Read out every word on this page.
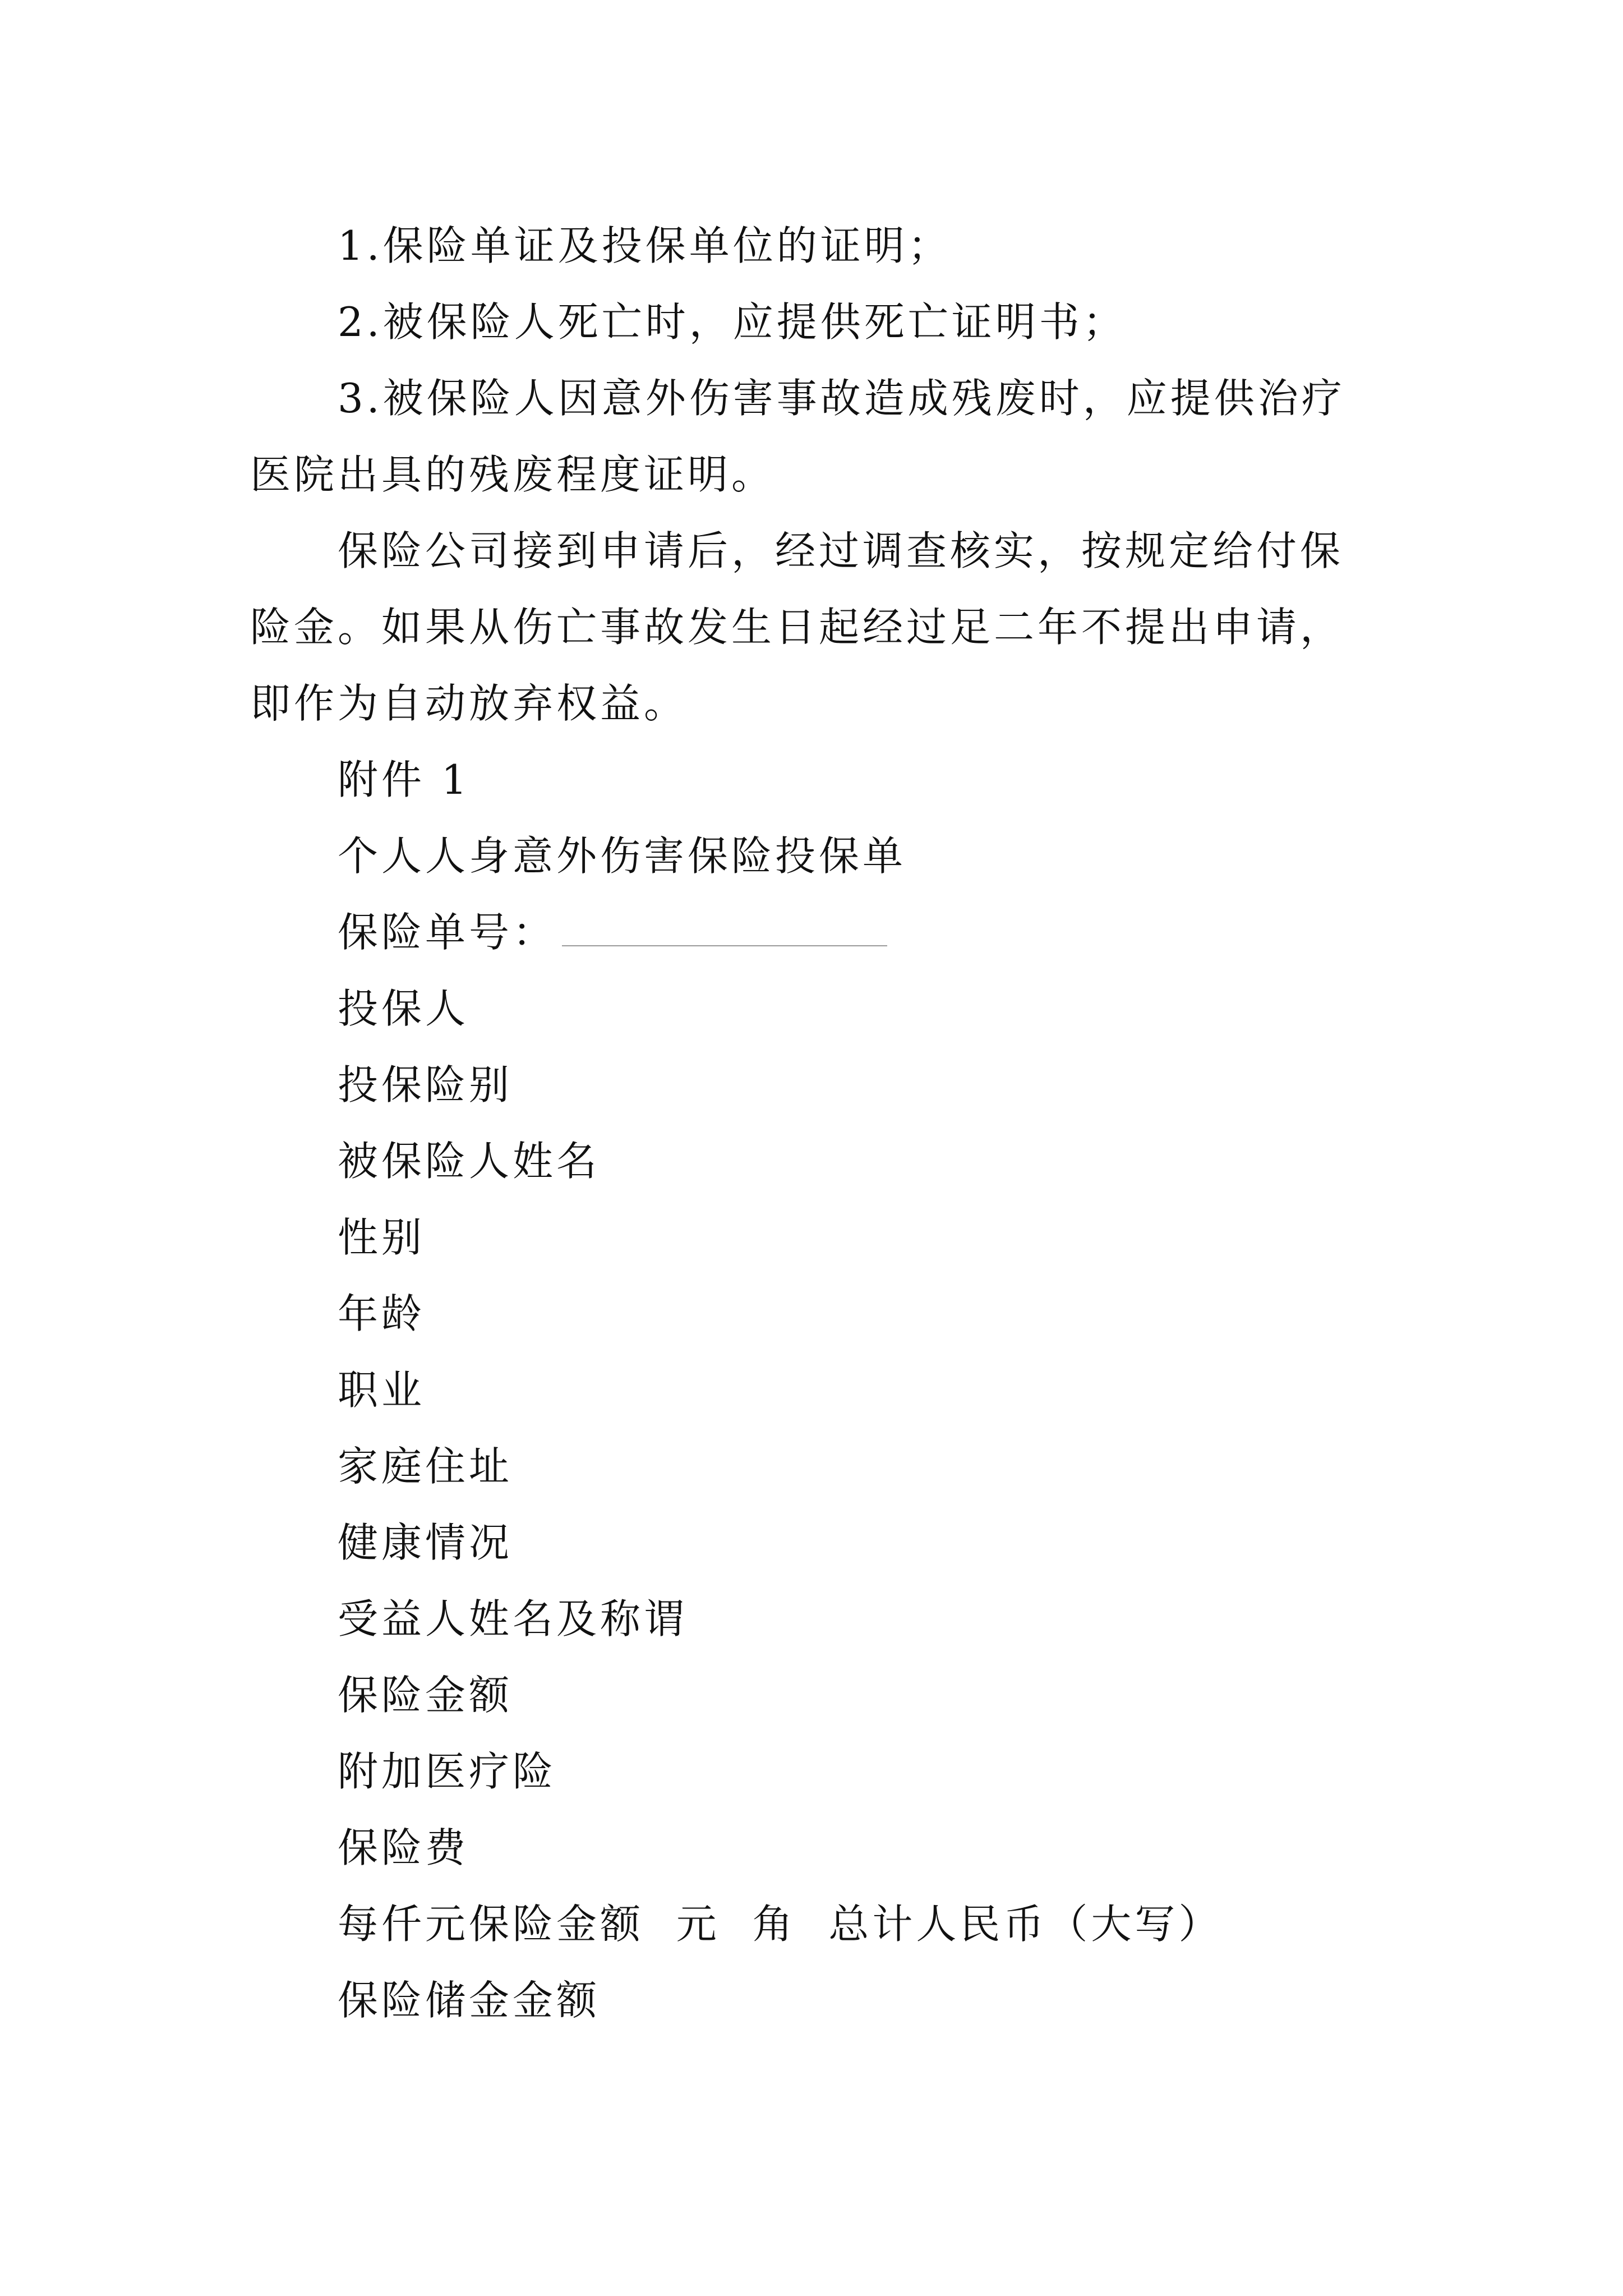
1.保险单证及投保单位的证明；

2.被保险人死亡时，应提供死亡证明书；

3.被保险人因意外伤害事故造成残废时，应提供治疗医院出具的残废程度证明。

保险公司接到申请后，经过调查核实，按规定给付保险金。如果从伤亡事故发生日起经过足二年不提出申请，即作为自动放弃权益。

附件 1

个人人身意外伤害保险投保单

保险单号：

投保人

投保险别

被保险人姓名

性别

年龄

职业

家庭住址

健康情况

受益人姓名及称谓

保险金额

附加医疗险

保险费

每仟元保险金额  元  角  总计人民币（大写）

保险储金金额
